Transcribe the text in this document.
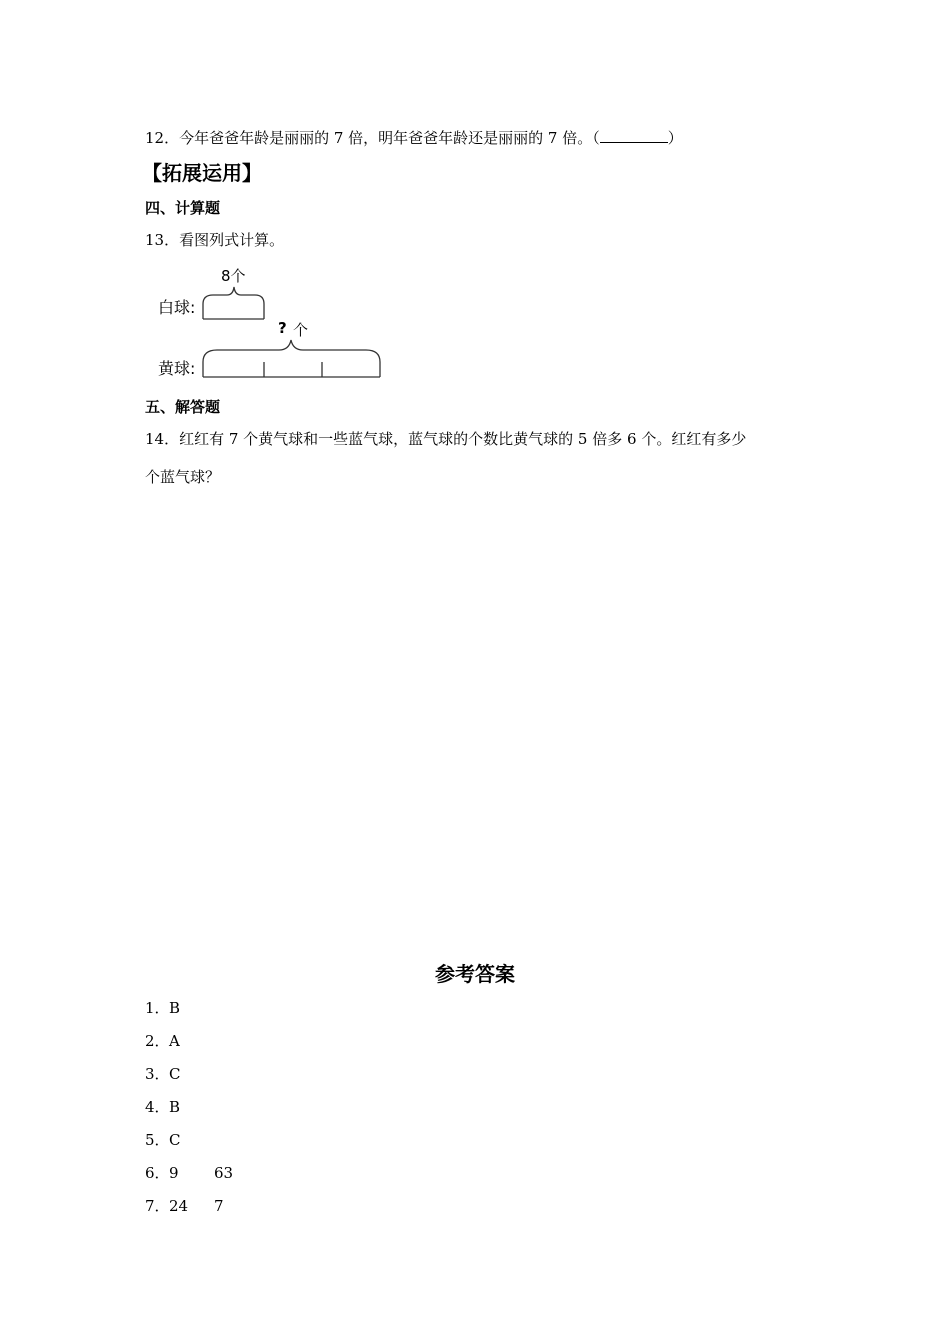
12．今年爸爸年龄是丽丽的 7 倍，明年爸爸年龄还是丽丽的 7 倍。（	）
【拓展运用】
四、计算题
13．看图列式计算。
白球:
8个
黄球:
? 个
五、解答题
14．红红有 7 个黄气球和一些蓝气球，蓝气球的个数比黄气球的 5 倍多 6 个。红红有多少
个蓝气球？
参考答案
1．B
2．A
3．C
4．B
5．C
6．9 63
7．24 7
